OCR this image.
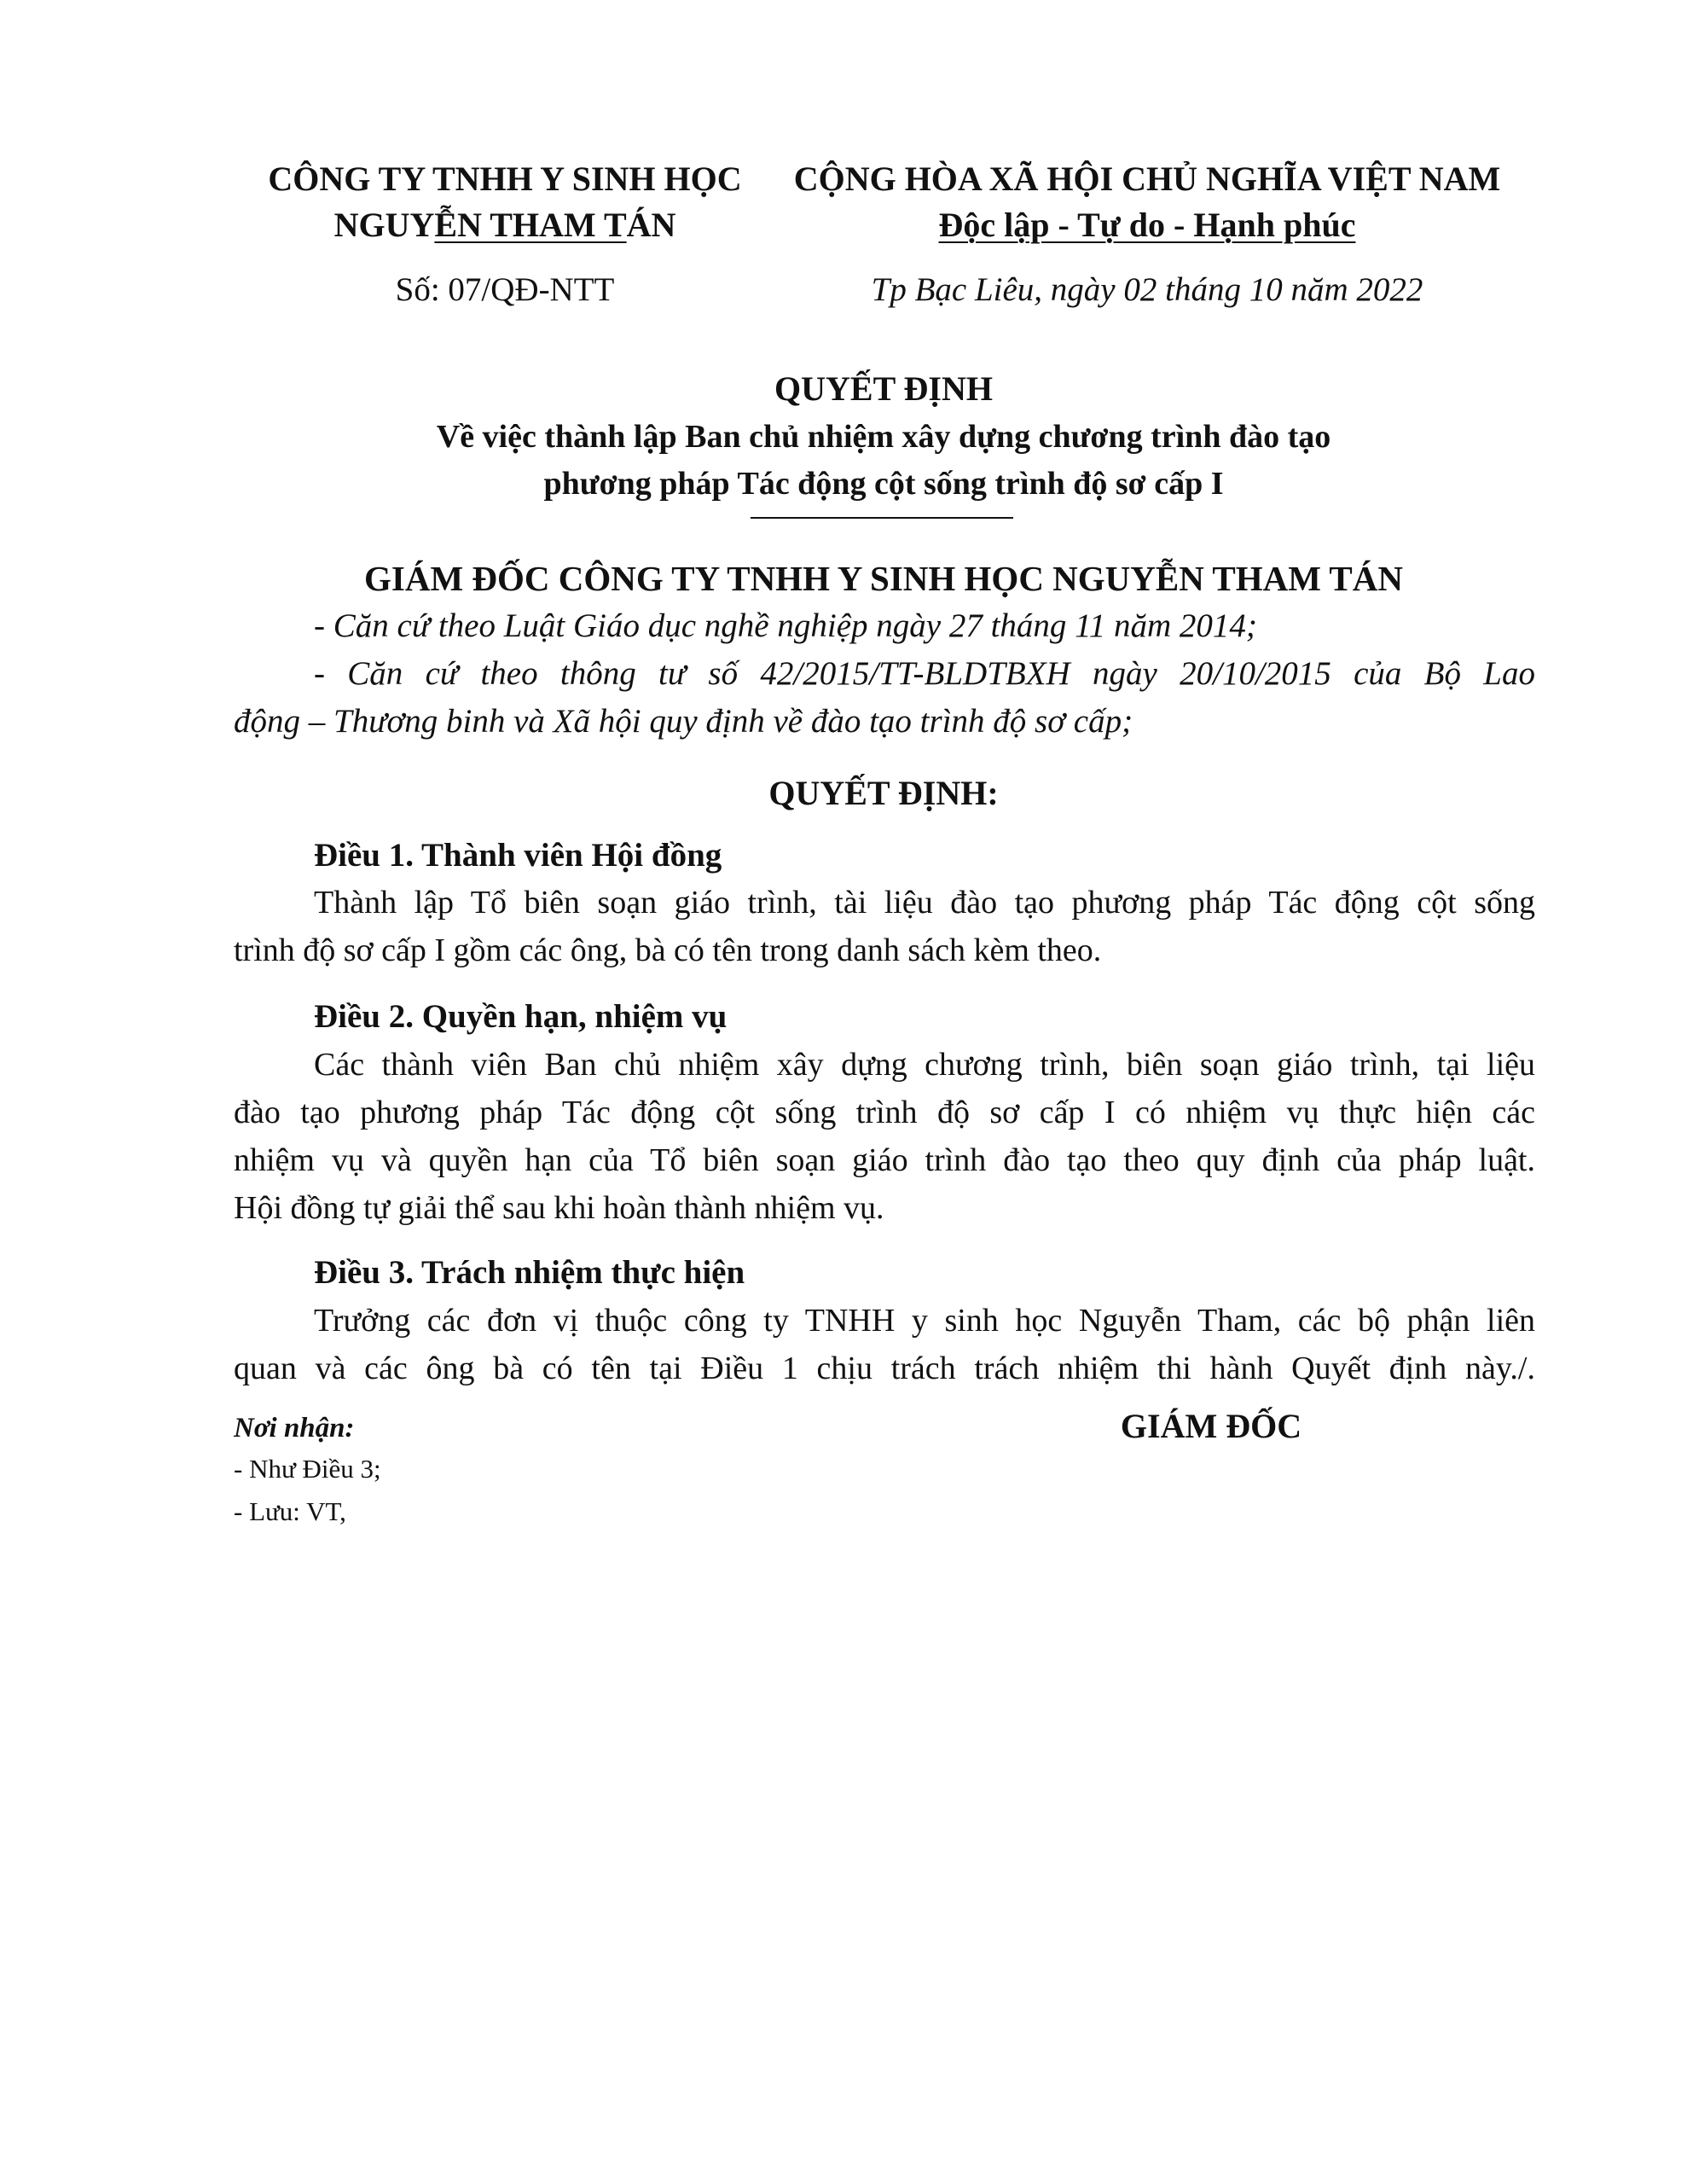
CÔNG TY TNHH Y SINH HỌC
NGUYỄN THAM TÁN
Số: 07/QĐ-NTT
CỘNG HÒA XÃ HỘI CHỦ NGHĨA VIỆT NAM
Độc lập - Tự do - Hạnh phúc
Tp Bạc Liêu, ngày 02 tháng 10 năm 2022
QUYẾT ĐỊNH
Về việc thành lập Ban chủ nhiệm xây dựng chương trình đào tạo
phương pháp Tác động cột sống trình độ sơ cấp I
GIÁM ĐỐC CÔNG TY TNHH Y SINH HỌC NGUYỄN THAM TÁN
- Căn cứ theo Luật Giáo dục nghề nghiệp ngày 27 tháng 11 năm 2014;
- Căn cứ theo thông tư số 42/2015/TT-BLDTBXH ngày 20/10/2015 của Bộ Lao
động – Thương binh và Xã hội quy định về đào tạo trình độ sơ cấp;
QUYẾT ĐỊNH:
Điều 1. Thành viên Hội đồng
Thành lập Tổ biên soạn giáo trình, tài liệu đào tạo phương pháp Tác động cột sống
trình độ sơ cấp I gồm các ông, bà có tên trong danh sách kèm theo.
Điều 2. Quyền hạn, nhiệm vụ
Các thành viên Ban chủ nhiệm xây dựng chương trình, biên soạn giáo trình, tại liệu
đào tạo phương pháp Tác động cột sống trình độ sơ cấp I có nhiệm vụ thực hiện các
nhiệm vụ và quyền hạn của Tổ biên soạn giáo trình đào tạo theo quy định của pháp luật.
Hội đồng tự giải thể sau khi hoàn thành nhiệm vụ.
Điều 3. Trách nhiệm thực hiện
Trưởng các đơn vị thuộc công ty TNHH y sinh học Nguyễn Tham, các bộ phận liên
quan và các ông bà có tên tại Điều 1 chịu trách trách nhiệm thi hành Quyết định này./.
Nơi nhận:
- Như Điều 3;
- Lưu: VT,
GIÁM ĐỐC
